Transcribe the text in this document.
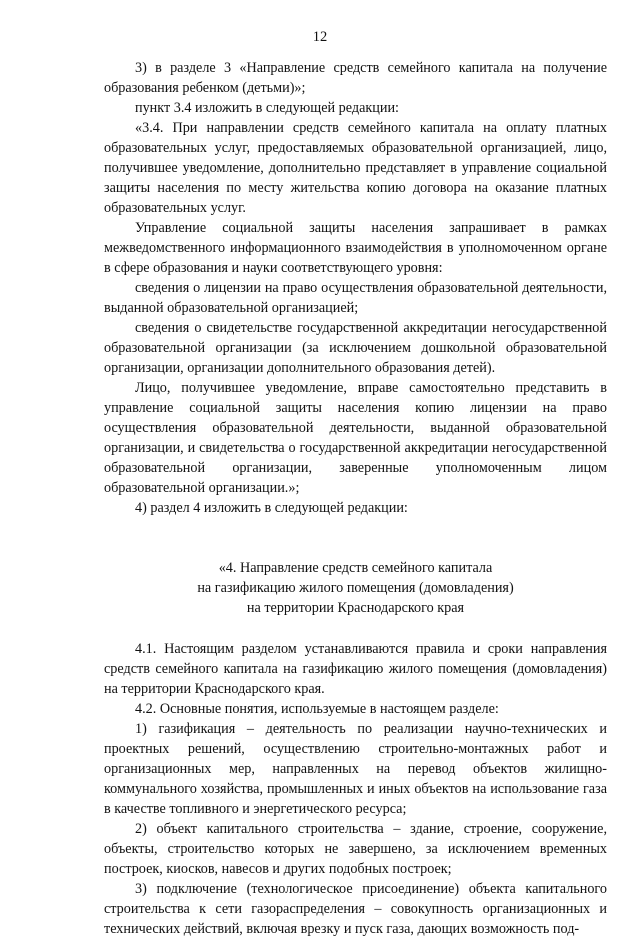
12

3) в разделе 3 «Направление средств семейного капитала на получение образования ребенком (детьми)»;

пункт 3.4 изложить в следующей редакции:

«3.4. При направлении средств семейного капитала на оплату платных образовательных услуг, предоставляемых образовательной организацией, лицо, получившее уведомление, дополнительно представляет в управление социальной защиты населения по месту жительства копию договора на оказание платных образовательных услуг.

Управление социальной защиты населения запрашивает в рамках межведомственного информационного взаимодействия в уполномоченном органе в сфере образования и науки соответствующего уровня:

сведения о лицензии на право осуществления образовательной деятельности, выданной образовательной организацией;

сведения о свидетельстве государственной аккредитации негосударственной образовательной организации (за исключением дошкольной образовательной организации, организации дополнительного образования детей).

Лицо, получившее уведомление, вправе самостоятельно представить в управление социальной защиты населения копию лицензии на право осуществления образовательной деятельности, выданной образовательной организации, и свидетельства о государственной аккредитации негосударственной образовательной организации, заверенные уполномоченным лицом образовательной организации.»;

4) раздел 4 изложить в следующей редакции:

«4. Направление средств семейного капитала
на газификацию жилого помещения (домовладения)
на территории Краснодарского края

4.1. Настоящим разделом устанавливаются правила и сроки направления средств семейного капитала на газификацию жилого помещения (домовладения) на территории Краснодарского края.

4.2. Основные понятия, используемые в настоящем разделе:

1) газификация – деятельность по реализации научно-технических и проектных решений, осуществлению строительно-монтажных работ и организационных мер, направленных на перевод объектов жилищно-коммунального хозяйства, промышленных и иных объектов на использование газа в качестве топливного и энергетического ресурса;

2) объект капитального строительства – здание, строение, сооружение, объекты, строительство которых не завершено, за исключением временных построек, киосков, навесов и других подобных построек;

3) подключение (технологическое присоединение) объекта капитального строительства к сети газораспределения – совокупность организационных и технических действий, включая врезку и пуск газа, дающих возможность под-
